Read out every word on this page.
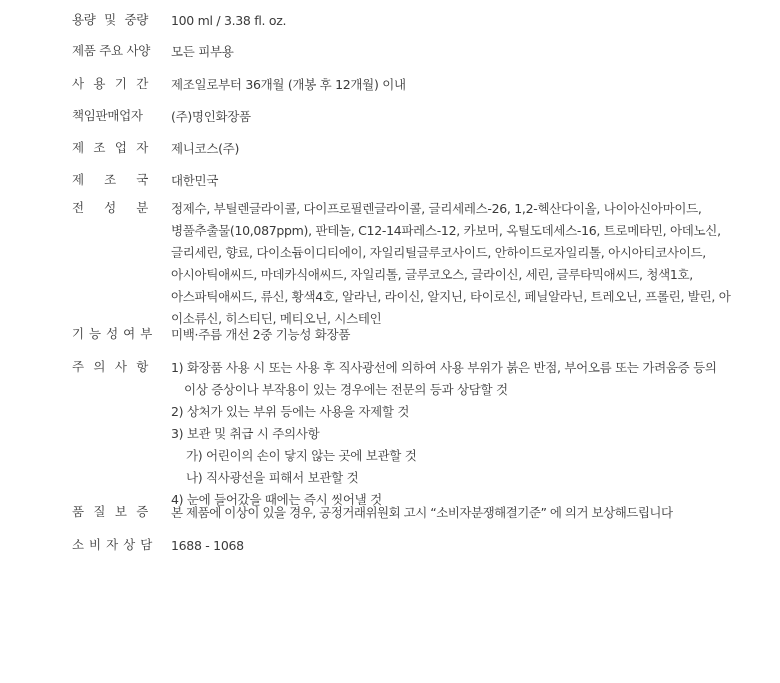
용량 및 중량 100 ml / 3.38 fl. oz.
제품 주요 사양 모든 피부용
사 용 기 간 제조일로부터 36개월 (개봉 후 12개월) 이내
책임판매업자 (주)명인화장품
제 조 업 자 제니코스(주)
제 조 국 대한민국
전 성 분 정제수, 부틸렌글라이콜, 다이프로필렌글라이콜, 글리세레스-26, 1,2-헥산다이올, 나이아신아마이드,
병풀추출물(10,087ppm), 판테놀, C12-14파레스-12, 카보머, 옥틸도데세스-16, 트로메타민, 아데노신,
글리세린, 향료, 다이소듐이디티에이, 자일리틸글루코사이드, 안하이드로자일리톨, 아시아티코사이드,
아시아틱애씨드, 마데카식애씨드, 자일리톨, 글루코오스, 글라이신, 세린, 글루타믹애씨드, 청색1호,
아스파틱애씨드, 류신, 황색4호, 알라닌, 라이신, 알지닌, 타이로신, 페닐알라닌, 트레오닌, 프롤린, 발린, 아
이소류신, 히스티딘, 메티오닌, 시스테인
기 능 성 여 부 미백·주름 개선 2중 기능성 화장품
주 의 사 항 1) 화장품 사용 시 또는 사용 후 직사광선에 의하여 사용 부위가 붉은 반점, 부어오름 또는 가려움증 등의
이상 증상이나 부작용이 있는 경우에는 전문의 등과 상담할 것
2) 상처가 있는 부위 등에는 사용을 자제할 것
3) 보관 및 취급 시 주의사항
가) 어린이의 손이 닿지 않는 곳에 보관할 것
나) 직사광선을 피해서 보관할 것
4) 눈에 들어갔을 때에는 즉시 씻어낼 것
품 질 보 증 본 제품에 이상이 있을 경우, 공정거래위원회 고시 “소비자분쟁해결기준” 에 의거 보상해드립니다
소 비 자 상 담 1688 - 1068
